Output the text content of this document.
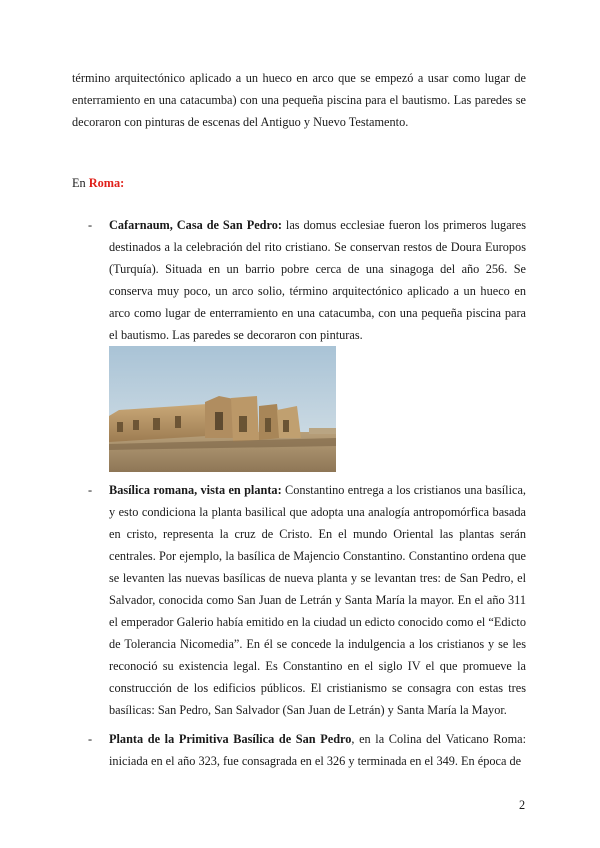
término arquitectónico aplicado a un hueco en arco que se empezó a usar como lugar de enterramiento en una catacumba) con una pequeña piscina para el bautismo. Las paredes se decoraron con pinturas de escenas del Antiguo y Nuevo Testamento.

En Roma:

- Cafarnaum, Casa de San Pedro: las domus ecclesiae fueron los primeros lugares destinados a la celebración del rito cristiano. Se conservan restos de Doura Europos (Turquía). Situada en un barrio pobre cerca de una sinagoga del año 256. Se conserva muy poco, un arco solio, término arquitectónico aplicado a un hueco en arco como lugar de enterramiento en una catacumba, con una pequeña piscina para el bautismo. Las paredes se decoraron con pinturas.

- Basílica romana, vista en planta: Constantino entrega a los cristianos una basílica, y esto condiciona la planta basilical que adopta una analogía antropomórfica basada en cristo, representa la cruz de Cristo. En el mundo Oriental las plantas serán centrales. Por ejemplo, la basílica de Majencio Constantino. Constantino ordena que se levanten las nuevas basílicas de nueva planta y se levantan tres: de San Pedro, el Salvador, conocida como San Juan de Letrán y Santa María la mayor. En el año 311 el emperador Galerio había emitido en la ciudad un edicto conocido como el “Edicto de Tolerancia Nicomedia”. En él se concede la indulgencia a los cristianos y se les reconoció su existencia legal. Es Constantino en el siglo IV el que promueve la construcción de los edificios públicos. El cristianismo se consagra con estas tres basílicas: San Pedro, San Salvador (San Juan de Letrán) y Santa María la Mayor.

- Planta de la Primitiva Basílica de San Pedro, en la Colina del Vaticano Roma: iniciada en el año 323, fue consagrada en el 326 y terminada en el 349. En época de

2
